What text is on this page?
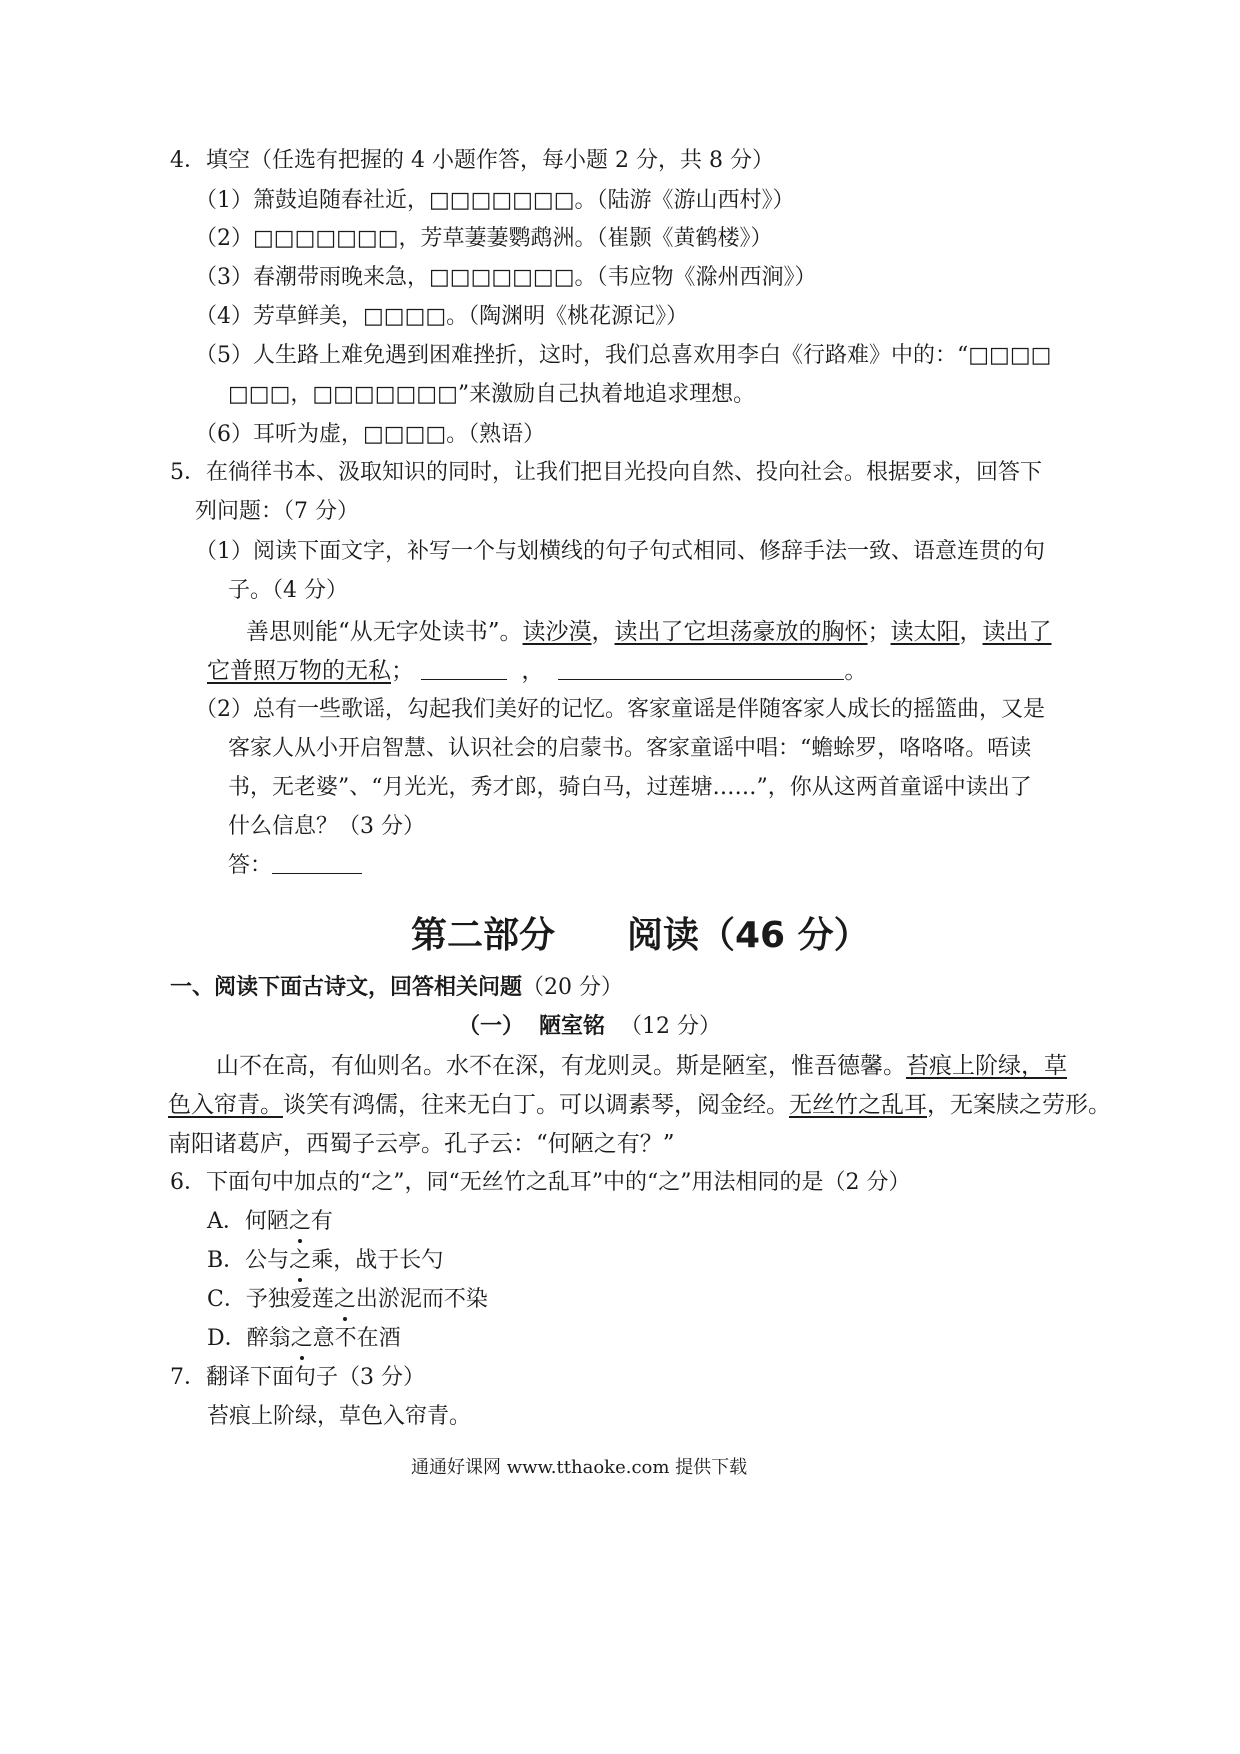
4．填空（任选有把握的 4 小题作答，每小题 2 分，共 8 分）
（1）箫鼓追随春社近，□□□□□□□。（陆游《游山西村》）
（2）□□□□□□□，芳草萋萋鹦鹉洲。（崔颢《黄鹤楼》）
（3）春潮带雨晚来急，□□□□□□□。（韦应物《滁州西涧》）
（4）芳草鲜美，□□□□。（陶渊明《桃花源记》）
（5）人生路上难免遇到困难挫折，这时，我们总喜欢用李白《行路难》中的：“□□□□
□□□，□□□□□□□”来激励自己执着地追求理想。
（6）耳听为虚，□□□□。（熟语）
5．在徜徉书本、汲取知识的同时，让我们把目光投向自然、投向社会。根据要求，回答下
列问题：（7 分）
（1）阅读下面文字，补写一个与划横线的句子句式相同、修辞手法一致、语意连贯的句
子。（4 分）
善思则能“从无字处读书”。读沙漠，读出了它坦荡豪放的胸怀；读太阳，读出了
它普照万物的无私；	，	。
（2）总有一些歌谣，勾起我们美好的记忆。客家童谣是伴随客家人成长的摇篮曲，又是
客家人从小开启智慧、认识社会的启蒙书。客家童谣中唱：“蟾蜍罗，咯咯咯。唔读
书，无老婆”、“月光光，秀才郎，骑白马，过莲塘……”，你从这两首童谣中读出了
什么信息？（3 分）
答：
第二部分　　阅读（46 分）
一、阅读下面古诗文，回答相关问题（20 分）
（一） 陋室铭 （12 分）
山不在高，有仙则名。水不在深，有龙则灵。斯是陋室，惟吾德馨。苔痕上阶绿，草
色入帘青。谈笑有鸿儒，往来无白丁。可以调素琴，阅金经。无丝竹之乱耳，无案牍之劳形。
南阳诸葛庐，西蜀子云亭。孔子云：“何陋之有？”
6．下面句中加点的“之”，同“无丝竹之乱耳”中的“之”用法相同的是（2 分）
A．何陋之有
B．公与之乘，战于长勺
C．予独爱莲之出淤泥而不染
D．醉翁之意不在酒
7．翻译下面句子（3 分）
苔痕上阶绿，草色入帘青。
通通好课网 www.tthaoke.com 提供下载
